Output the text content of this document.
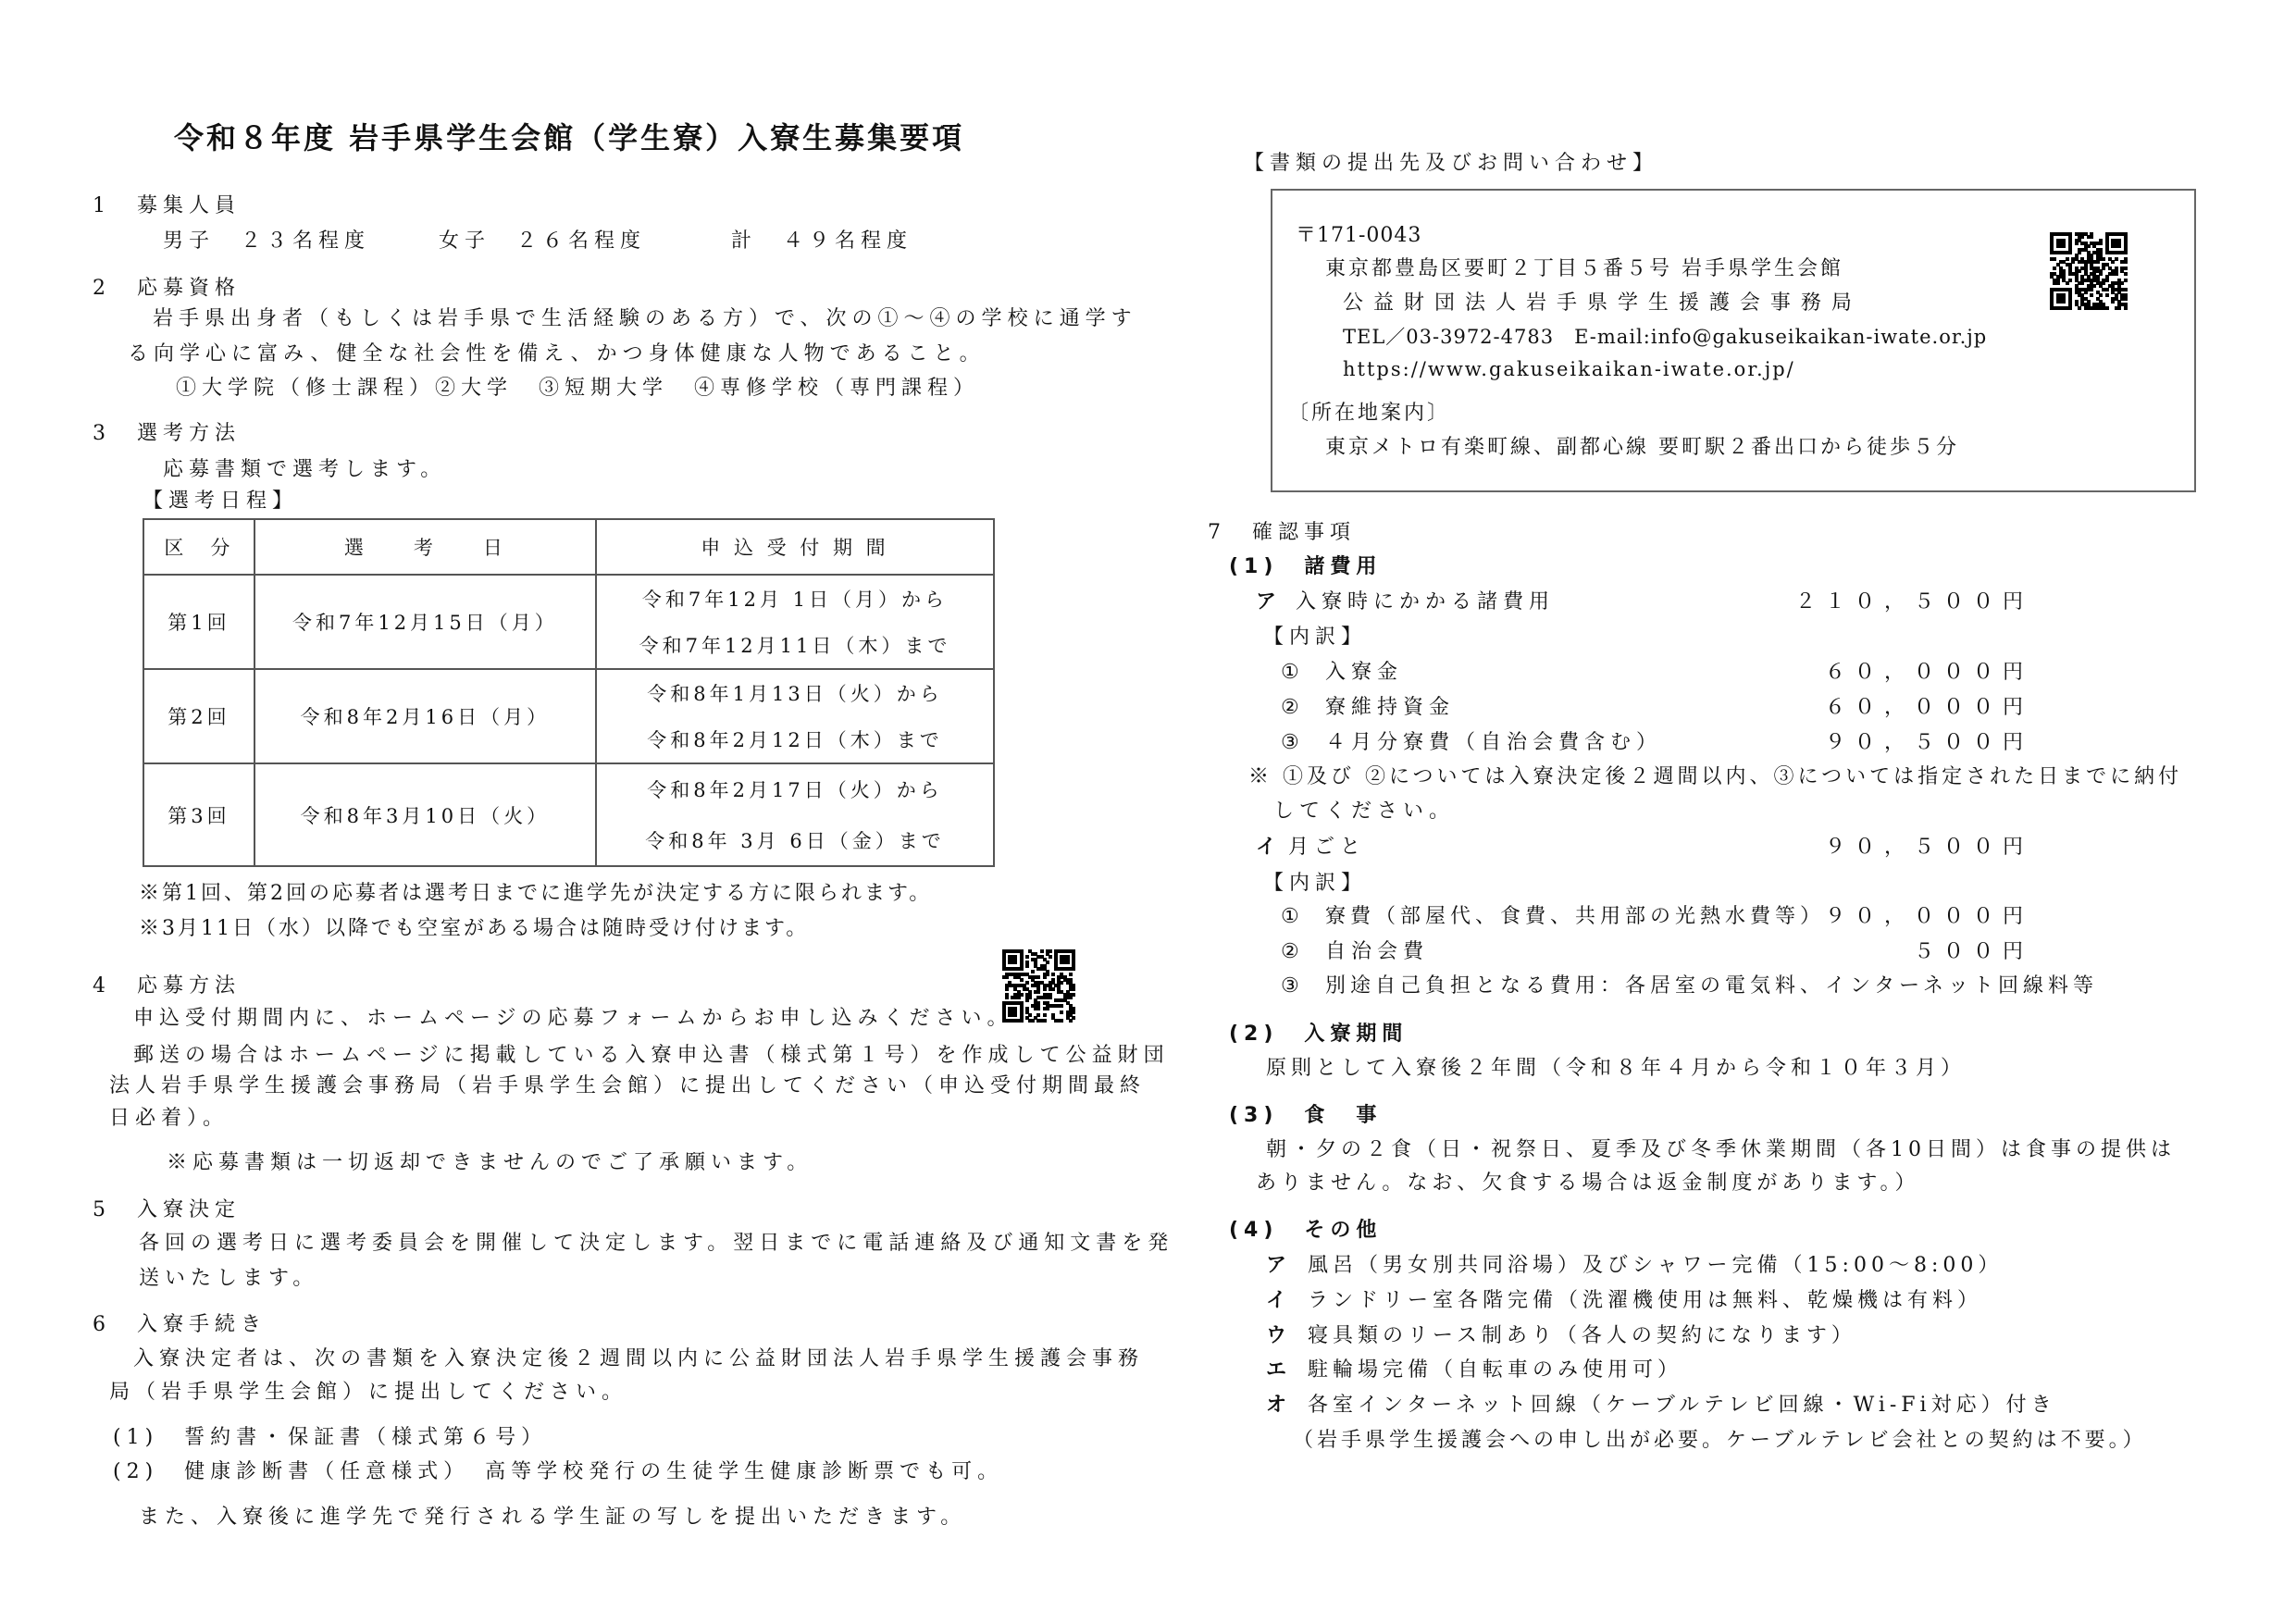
令和８年度 岩手県学生会館（学生寮）入寮生募集要項
1　募集人員
男子　２３名程度	女子　２６名程度	計　４９名程度
2　応募資格
岩手県出身者（もしくは岩手県で生活経験のある方）で、次の①～④の学校に通学す
る向学心に富み、健全な社会性を備え、かつ身体健康な人物であること。
①大学院（修士課程）②大学　③短期大学　④専修学校（専門課程）
3　選考方法
応募書類で選考します。
【選考日程】
区　分	選　　考　　日	申 込 受 付 期 間
第1回	令和7年12月15日（月）	令和7年12月 1日（月）から
令和7年12月11日（木）まで

第2回	令和8年2月16日（月）	令和8年1月13日（火）から
令和8年2月12日（木）まで

第3回	令和8年3月10日（火）	令和8年2月17日（火）から
令和8年 3月 6日（金）まで
※第1回、第2回の応募者は選考日までに進学先が決定する方に限られます。
※3月11日（水）以降でも空室がある場合は随時受け付けます。
4　応募方法
申込受付期間内に、ホームページの応募フォームからお申し込みください。
郵送の場合はホームページに掲載している入寮申込書（様式第１号）を作成して公益財団
法人岩手県学生援護会事務局（岩手県学生会館）に提出してください（申込受付期間最終
日必着）。
※応募書類は一切返却できませんのでご了承願います。
5　入寮決定
各回の選考日に選考委員会を開催して決定します。翌日までに電話連絡及び通知文書を発
送いたします。
6　入寮手続き
入寮決定者は、次の書類を入寮決定後２週間以内に公益財団法人岩手県学生援護会事務
局（岩手県学生会館）に提出してください。
(1)　誓約書・保証書（様式第６号）
(2)　健康診断書（任意様式）　高等学校発行の生徒学生健康診断票でも可。
また、入寮後に進学先で発行される学生証の写しを提出いただきます。
【書類の提出先及びお問い合わせ】
〒171-0043
東京都豊島区要町２丁目５番５号 岩手県学生会館
公 益 財 団 法 人 岩 手 県 学 生 援 護 会 事 務 局
TEL／03-3972-4783　E-mail:info@gakuseikaikan-iwate.or.jp
https://www.gakuseikaikan-iwate.or.jp/
〔所在地案内〕
東京メトロ有楽町線、副都心線 要町駅２番出口から徒歩５分
7　確認事項
(1)　諸費用
ア 入寮時にかかる諸費用	２１０，５００円
【内訳】
① 入寮金	６０，０００円
② 寮維持資金	６０，０００円
③ ４月分寮費（自治会費含む）	９０，５００円
※ ①及び ②については入寮決定後２週間以内、③については指定された日までに納付
してください。
イ 月ごと	９０，５００円
【内訳】
① 寮費（部屋代、食費、共用部の光熱水費等） ９０，０００円
② 自治会費	５００円
③ 別途自己負担となる費用：各居室の電気料、インターネット回線料等
(2)　入寮期間
原則として入寮後２年間（令和８年４月から令和１０年３月）
(3)　食　事
朝・夕の２食（日・祝祭日、夏季及び冬季休業期間（各10日間）は食事の提供は
ありません。なお、欠食する場合は返金制度があります。）
(4)　その他
ア 風呂（男女別共同浴場）及びシャワー完備（15:00～8:00）
イ ランドリー室各階完備（洗濯機使用は無料、乾燥機は有料）
ウ 寝具類のリース制あり（各人の契約になります）
エ 駐輪場完備（自転車のみ使用可）
オ 各室インターネット回線（ケーブルテレビ回線・Wi-Fi対応）付き
（岩手県学生援護会への申し出が必要。ケーブルテレビ会社との契約は不要。）
